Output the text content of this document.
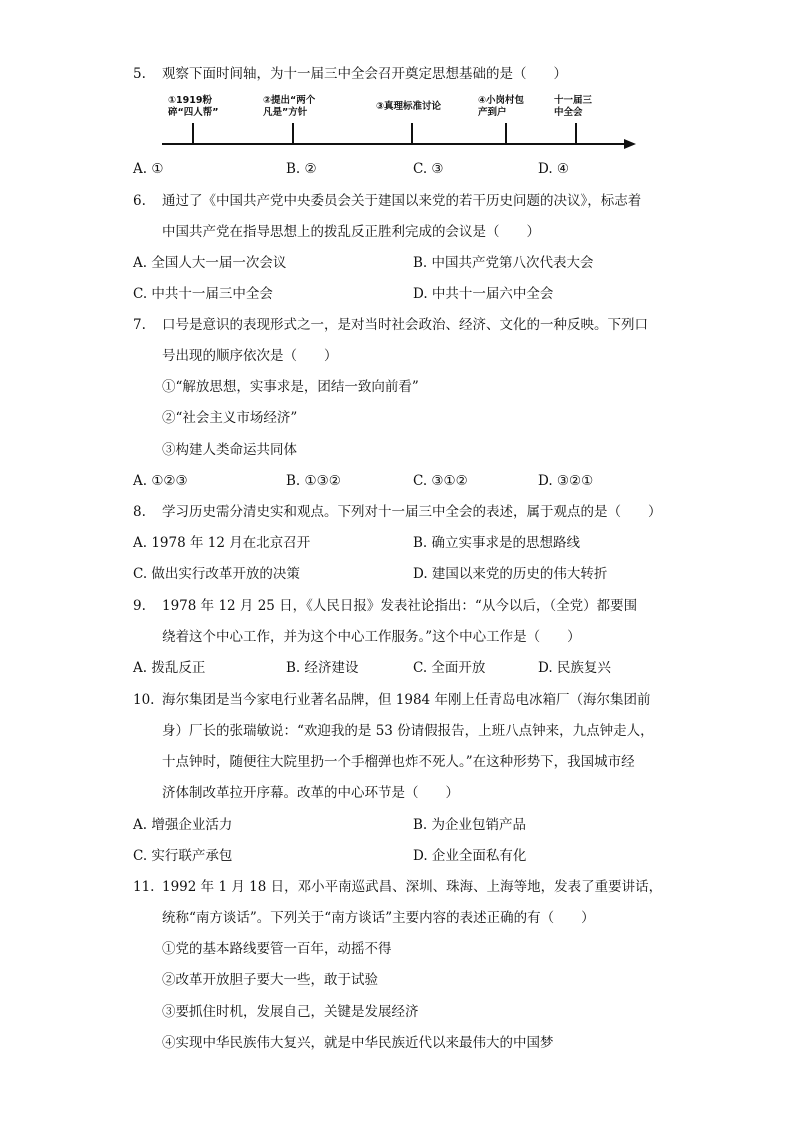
5. 观察下面时间轴，为十一届三中全会召开奠定思想基础的是（　　）
①1919粉
碎“四人帮”
②提出“两个
凡是”方针
③真理标准讨论
④小岗村包
产到户
十一届三
中全会
A. ①	B. ②	C. ③	D. ④
6. 通过了《中国共产党中央委员会关于建国以来党的若干历史问题的决议》，标志着
中国共产党在指导思想上的拨乱反正胜利完成的会议是（　　）
A. 全国人大一届一次会议	B. 中国共产党第八次代表大会
C. 中共十一届三中全会	D. 中共十一届六中全会
7. 口号是意识的表现形式之一，是对当时社会政治、经济、文化的一种反映。下列口
号出现的顺序依次是（　　）
①“解放思想，实事求是，团结一致向前看”
②“社会主义市场经济”
③构建人类命运共同体
A. ①②③	B. ①③②	C. ③①②	D. ③②①
8. 学习历史需分清史实和观点。下列对十一届三中全会的表述，属于观点的是（　　）
A. 1978 年 12 月在北京召开	B. 确立实事求是的思想路线
C. 做出实行改革开放的决策	D. 建国以来党的历史的伟大转折
9. 1978 年 12 月 25 日，《人民日报》发表社论指出：“从今以后，（全党）都要围
绕着这个中心工作，并为这个中心工作服务。”这个中心工作是（　　）
A. 拨乱反正	B. 经济建设	C. 全面开放	D. 民族复兴
10. 海尔集团是当今家电行业著名品牌，但 1984 年刚上任青岛电冰箱厂（海尔集团前
身）厂长的张瑞敏说：“欢迎我的是 53 份请假报告，上班八点钟来，九点钟走人，
十点钟时，随便往大院里扔一个手榴弹也炸不死人。”在这种形势下，我国城市经
济体制改革拉开序幕。改革的中心环节是（　　）
A. 增强企业活力	B. 为企业包销产品
C. 实行联产承包	D. 企业全面私有化
11. 1992 年 1 月 18 日，邓小平南巡武昌、深圳、珠海、上海等地，发表了重要讲话，
统称“南方谈话”。下列关于“南方谈话”主要内容的表述正确的有（　　）
①党的基本路线要管一百年，动摇不得
②改革开放胆子要大一些，敢于试验
③要抓住时机，发展自己，关键是发展经济
④实现中华民族伟大复兴，就是中华民族近代以来最伟大的中国梦
